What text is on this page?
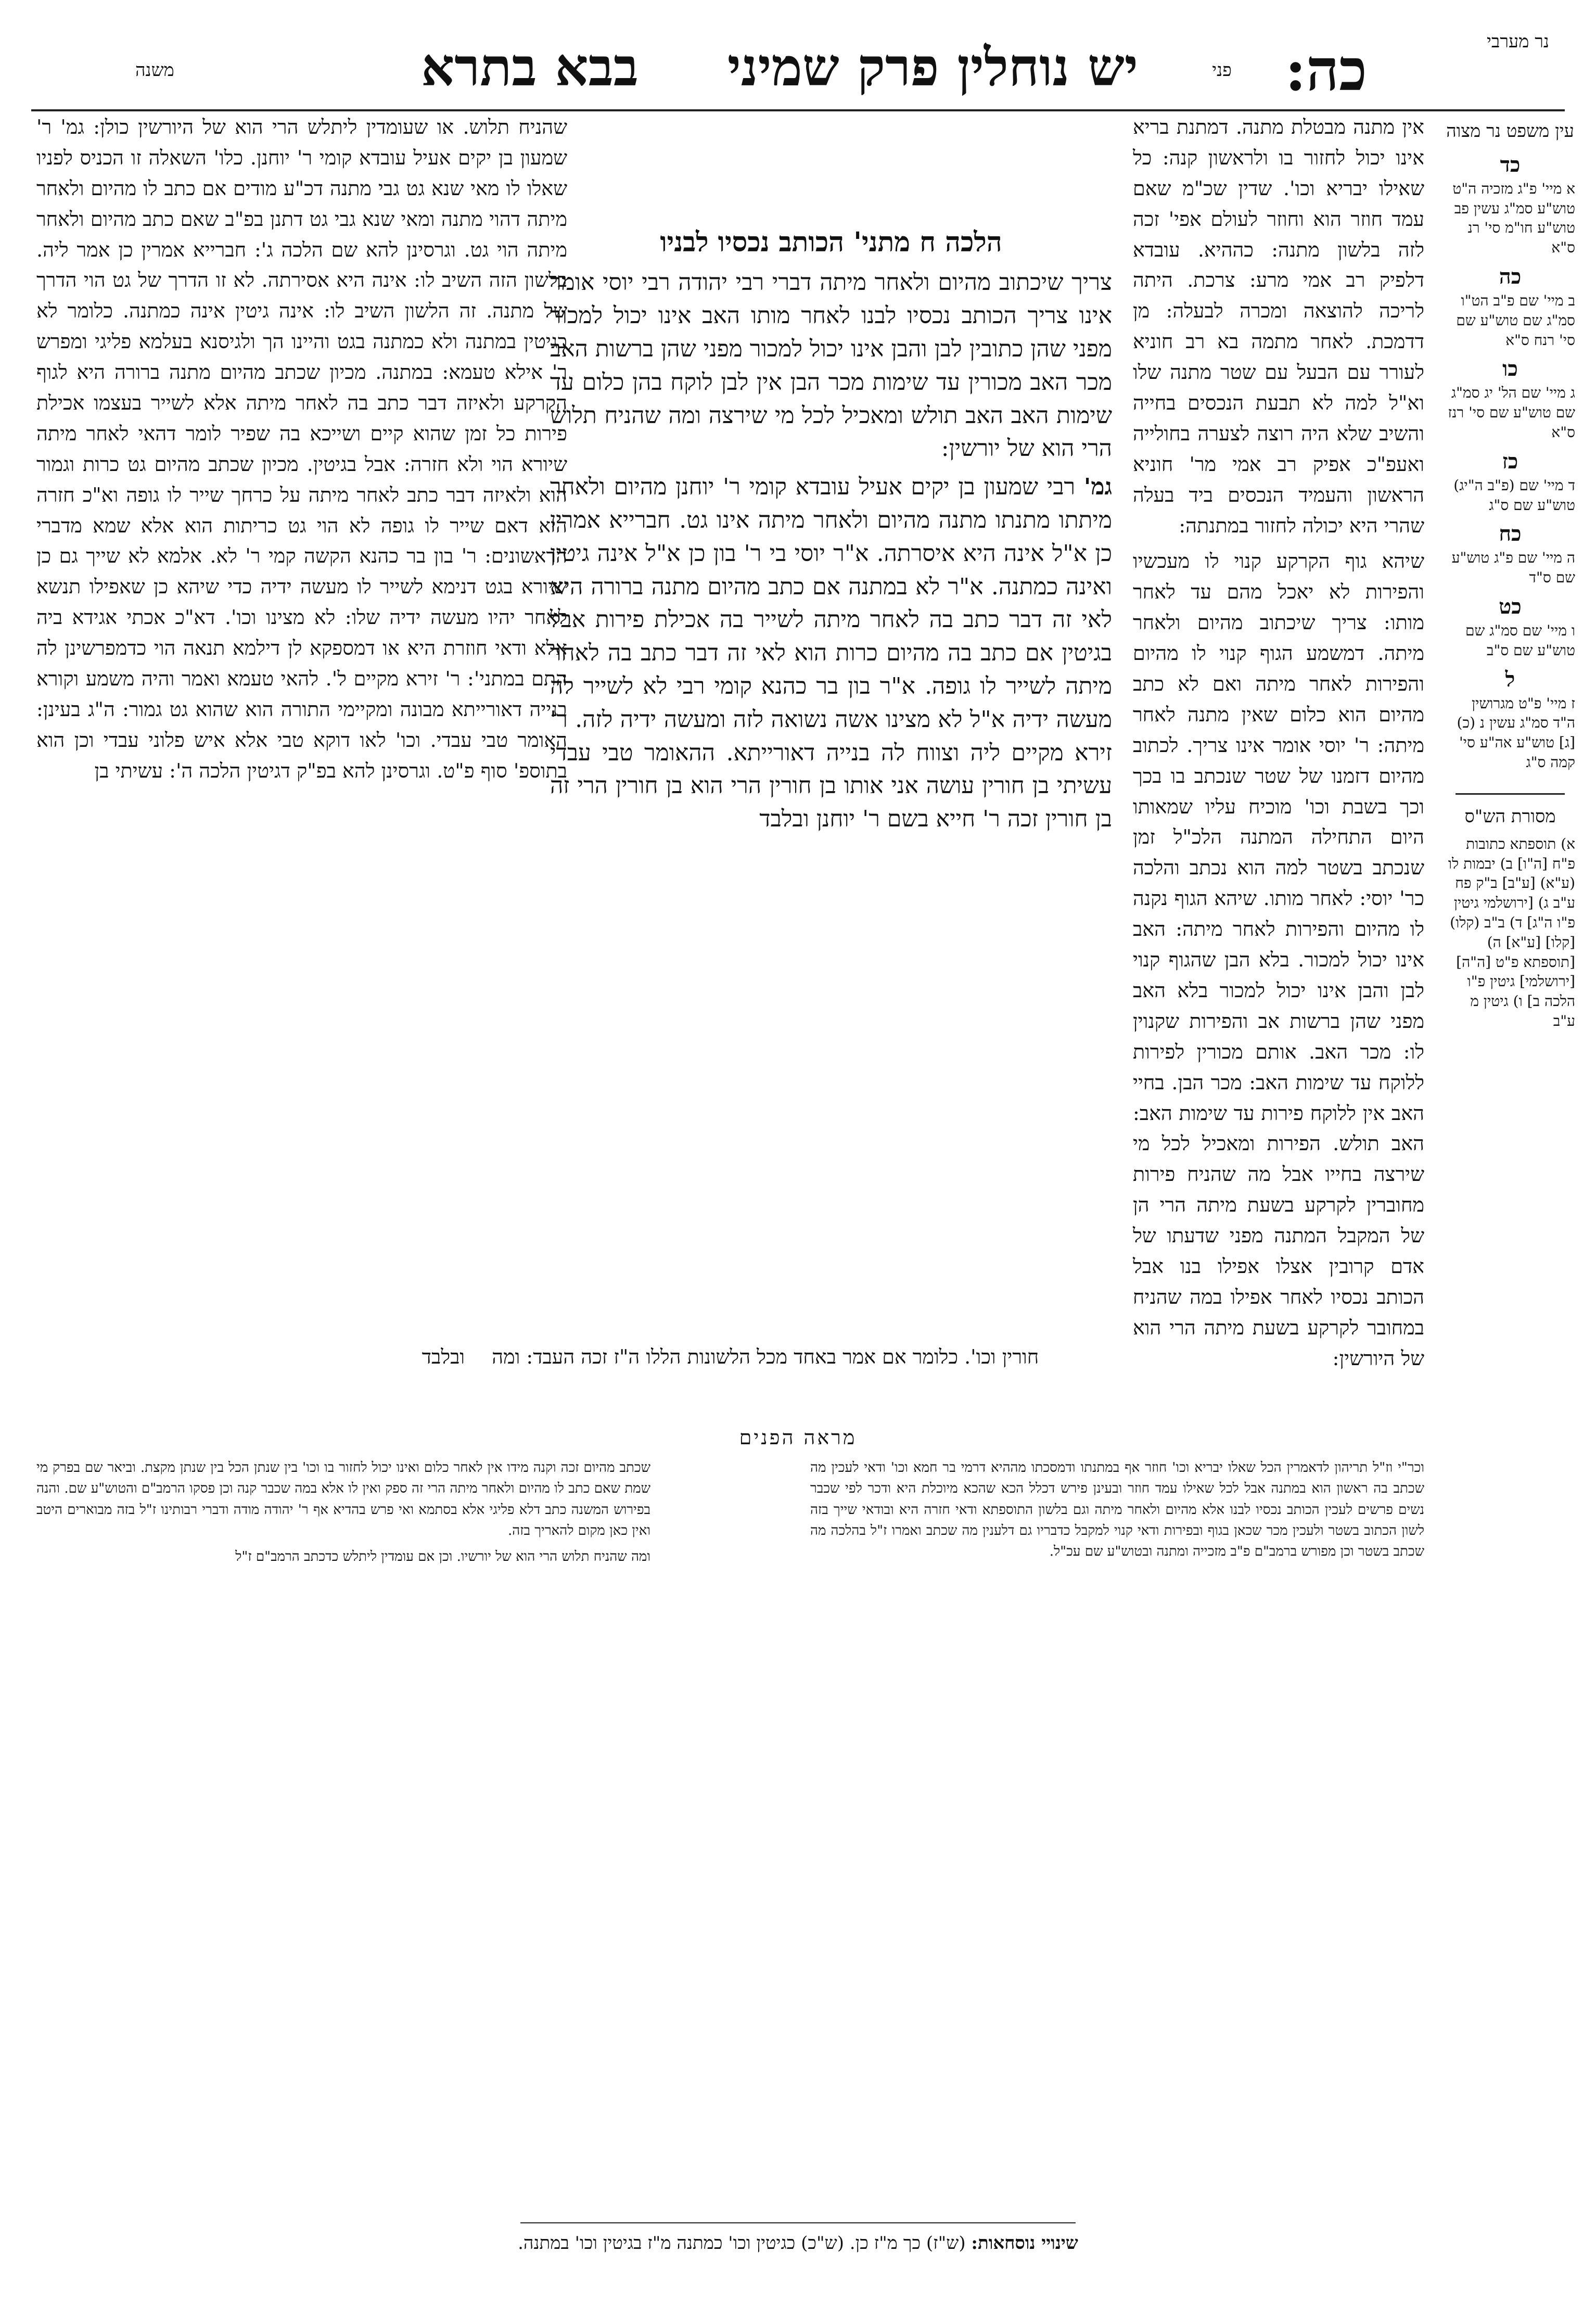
נר מערבי
כה:
פני
יש נוחלין פרק שמיני
בבא בתרא
משנה
עין משפט נר מצוה
כד
א מיי' פ"ג מזכיה ה"ט טוש"ע סמ"ג עשין פב טוש"ע חו"מ סי' רנ ס"א
כה
ב מיי' שם פ"ב הט"ו סמ"ג שם טוש"ע שם סי' רנח ס"א
כו
ג מיי' שם הל' יג סמ"ג שם טוש"ע שם סי' רנז ס"א
כז
ד מיי' שם (פ"ב ה"יג) טוש"ע שם ס"ג
כח
ה מיי' שם פ"ג טוש"ע שם ס"ד
כט
ו מיי' שם סמ"ג שם טוש"ע שם ס"ב
ל
ז מיי' פ"ט מגרושין ה"ד סמ"ג עשין נ (כ) [ג] טוש"ע אה"ע סי' קמה ס"ג
מסורת הש"ס
א) תוספתא כתובות פ"ח [ה"ו] ב) יבמות לו (ע"א) [ע"ב] ב"ק פח ע"ב ג) [ירושלמי גיטין פ"ו ה"ג] ד) ב"ב (קלו) [קלו] [ע"א] ה) [תוספתא פ"ט [ה"ה] [ירושלמי] גיטין פ"ו הלכה ב] ו) גיטין מ ע"ב

אין מתנה מבטלת מתנה. דמתנת בריא אינו יכול לחזור בו ולראשון קנה: כל שאילו יבריא וכו'. שדין שכ"מ שאם עמד חוזר הוא וחוזר לעולם אפי' זכה לזה בלשון מתנה: כההיא. עובדא דלפיק רב אמי מרע: צרכת. היתה לריכה להוצאה ומכרה לבעלה: מן דדמכת. לאחר מתמה בא רב חוניא לעורר עם הבעל עם שטר מתנה שלו וא"ל למה לא תבעת הנכסים בחייה והשיב שלא היה רוצה לצערה בחולייה ואעפ"כ אפיק רב אמי מר' חוניא הראשון והעמיד הנכסים ביד בעלה שהרי היא יכולה לחזור במתנתה:

שיהא גוף הקרקע קנוי לו מעכשיו והפירות לא יאכל מהם עד לאחר מותו: צריך שיכתוב מהיום ולאחר מיתה. דמשמע הגוף קנוי לו מהיום והפירות לאחר מיתה ואם לא כתב מהיום הוא כלום שאין מתנה לאחר מיתה: ר' יוסי אומר אינו צריך. לכתוב מהיום דזמנו של שטר שנכתב בו בכך וכך בשבת וכו' מוכיח עליו שמאותו היום התחילה המתנה הלכ"ל זמן שנכתב בשטר למה הוא נכתב והלכה כר' יוסי: לאחר מותו. שיהא הגוף נקנה לו מהיום והפירות לאחר מיתה: האב אינו יכול למכור. בלא הבן שהגוף קנוי לבן והבן אינו יכול למכור בלא האב מפני שהן ברשות אב והפירות שקנוין לו: מכר האב. אותם מכורין לפירות ללוקח עד שימות האב: מכר הבן. בחיי האב אין ללוקח פירות עד שימות האב: האב תולש. הפירות ומאכיל לכל מי שירצה בחייו אבל מה שהניח פירות מחוברין לקרקע בשעת מיתה הרי הן של המקבל המתנה מפני שדעתו של אדם קרובין אצלו אפילו בנו אבל הכותב נכסיו לאחר אפילו במה שהניח במחובר לקרקע בשעת מיתה הרי הוא של היורשין:

הלכה ח מתני' הכותב נכסיו לבניו

צריך שיכתוב מהיום ולאחר מיתה דברי רבי יהודה רבי יוסי אומר אינו צריך הכותב נכסיו לבנו לאחר מותו האב אינו יכול למכור מפני שהן כתובין לבן והבן אינו יכול למכור מפני שהן ברשות האב מכר האב מכורין עד שימות מכר הבן אין לבן לוקח בהן כלום עד שימות האב האב תולש ומאכיל לכל מי שירצה ומה שהניח תלוש הרי הוא של יורשין:

גמ' רבי שמעון בן יקים אעיל עובדא קומי ר' יוחנן מהיום ולאחר מיתתו מתנתו מתנה מהיום ולאחר מיתה אינו גט. חברייא אמרין כן א"ל אינה היא איסרתה. א"ר יוסי בי ר' בון כן א"ל אינה גיטין ואינה כמתנה. א"ר לא במתנה אם כתב מהיום מתנה ברורה היא לאי זה דבר כתב בה לאחר מיתה לשייר בה אכילת פירות אבל בגיטין אם כתב בה מהיום כרות הוא לאי זה דבר כתב בה לאחר מיתה לשייר לו גופה. א"ר בון בר כהנא קומי רבי לא לשייר לה מעשה ידיה א"ל לא מצינו אשה נשואה לזה ומעשה ידיה לזה. ר' זירא מקיים ליה וצווח לה בנייה דאורייתא. ההאומר טבי עבדי עשיתי בן חורין עושה אני אותו בן חורין הרי הוא בן חורין הרי זה בן חורין זכה ר' חייא בשם ר' יוחנן ובלבד

שהניח תלוש. או שעומדין ליתלש הרי הוא של היורשין כולן: גמ' ר' שמעון בן יקים אעיל עובדא קומי ר' יוחנן. כלו' השאלה זו הכניס לפניו שאלו לו מאי שנא גט גבי מתנה דכ"ע מודים אם כתב לו מהיום ולאחר מיתה דהוי מתנה ומאי שנא גבי גט דתנן בפ"ב שאם כתב מהיום ולאחר מיתה הוי גט. וגרסינן להא שם הלכה ג': חברייא אמרין כן אמר ליה. בלשון הזה השיב לו: אינה היא אסירתה. לא זו הדרך של גט הוי הדרך של מתנה. זה הלשון השיב לו: אינה גיטין אינה כמתנה. כלומר לא כגיטין במתנה ולא כמתנה בגט והיינו הך ולגיסנא בעלמא פליגי ומפרש ר' אילא טעמא: במתנה. מכיון שכתב מהיום מתנה ברורה היא לגוף הקרקע ולאיזה דבר כתב בה לאחר מיתה אלא לשייר בעצמו אכילת פירות כל זמן שהוא קיים ושייכא בה שפיר לומר דהאי לאחר מיתה שיורא הוי ולא חזרה: אבל בגיטין. מכיון שכתב מהיום גט כרות וגמור הוא ולאיזה דבר כתב לאחר מיתה על כרחך שייר לו גופה וא"כ חזרה היא דאם שייר לו גופה לא הוי גט כריתות הוא אלא שמא מדברי הראשונים: ר' בון בר כהנא הקשה קמי ר' לא. אלמא לא שייך גם כן שיורא בגט דנימא לשייר לו מעשה ידיה כדי שיהא כן שאפילו תנשא לאחר יהיו מעשה ידיה שלו: לא מצינו וכו'. דא"כ אכתי אגידא ביה אלא ודאי חוזרת היא או דמספקא לן דילמא תנאה הוי כדמפרשינן לה התם במתני': ר' זירא מקיים ל'. להאי טעמא ואמר והיה משמע וקורא בנייה דאורייתא מבונה ומקיימי התורה הוא שהוא גט גמור: ה"ג בעינן: האומר טבי עבדי. וכו' לאו דוקא טבי אלא איש פלוני עבדי וכן הוא בתוספ' סוף פ"ט. וגרסינן להא בפ"ק דגיטין הלכה ה': עשיתי בן

חורין וכו'. כלומר אם אמר באחד מכל הלשונות הללו ה"ז זכה העבד: ומה ובלבד
מראה הפנים

וכר"י וז"ל תריהון לדאמרין הכל שאלו יבריא וכו' חוזר אף במתנתו ודמסכתו מההיא דרמי בר חמא וכו' ודאי לעכין מה שכתב בה ראשון הוא במתנה אבל לכל שאילו עמד חוזר ובעינן פירש דכלל הכא שהכא מיוכלת היא ודכר לפי שכבר נשים פרשים לעכין הכותב נכסיו לבנו אלא מהיום ולאחר מיתה וגם בלשון התוספתא ודאי חזרה היא ובודאי שייך בזה לשון הכתוב בשטר ולעכין מכר שכאן בגוף ובפירות ודאי קנוי למקבל כדבריו גם דלענין מה שכתב ואמרו ז"ל בהלכה מה שכתב בשטר וכן מפורש ברמב"ם פ"ב מזכייה ומתנה ובטוש"ע שם עכ"ל.

שכתב מהיום זכה וקנה מידו אין לאחר כלום ואינו יכול לחזור בו וכו' בין שנתן הכל בין שנתן מקצת. וביאר שם בפרק מי שמת שאם כתב לו מהיום ולאחר מיתה הרי זה ספק ואין לו אלא במה שכבר קנה וכן פסקו הרמב"ם והטוש"ע שם. והנה בפירוש המשנה כתב דלא פליגי אלא בסתמא ואי פרש בהדיא אף ר' יהודה מודה ודברי רבותינו ז"ל בזה מבוארים היטב ואין כאן מקום להאריך בזה.

ומה שהניח תלוש הרי הוא של יורשיו. וכן אם עומדין ליתלש כדכתב הרמב"ם ז"ל

שינויי נוסחאות: (ש"ז) כך מ"ז כן. (ש"כ) כגיטין וכו' כמתנה מ"ז בגיטין וכו' במתנה.
